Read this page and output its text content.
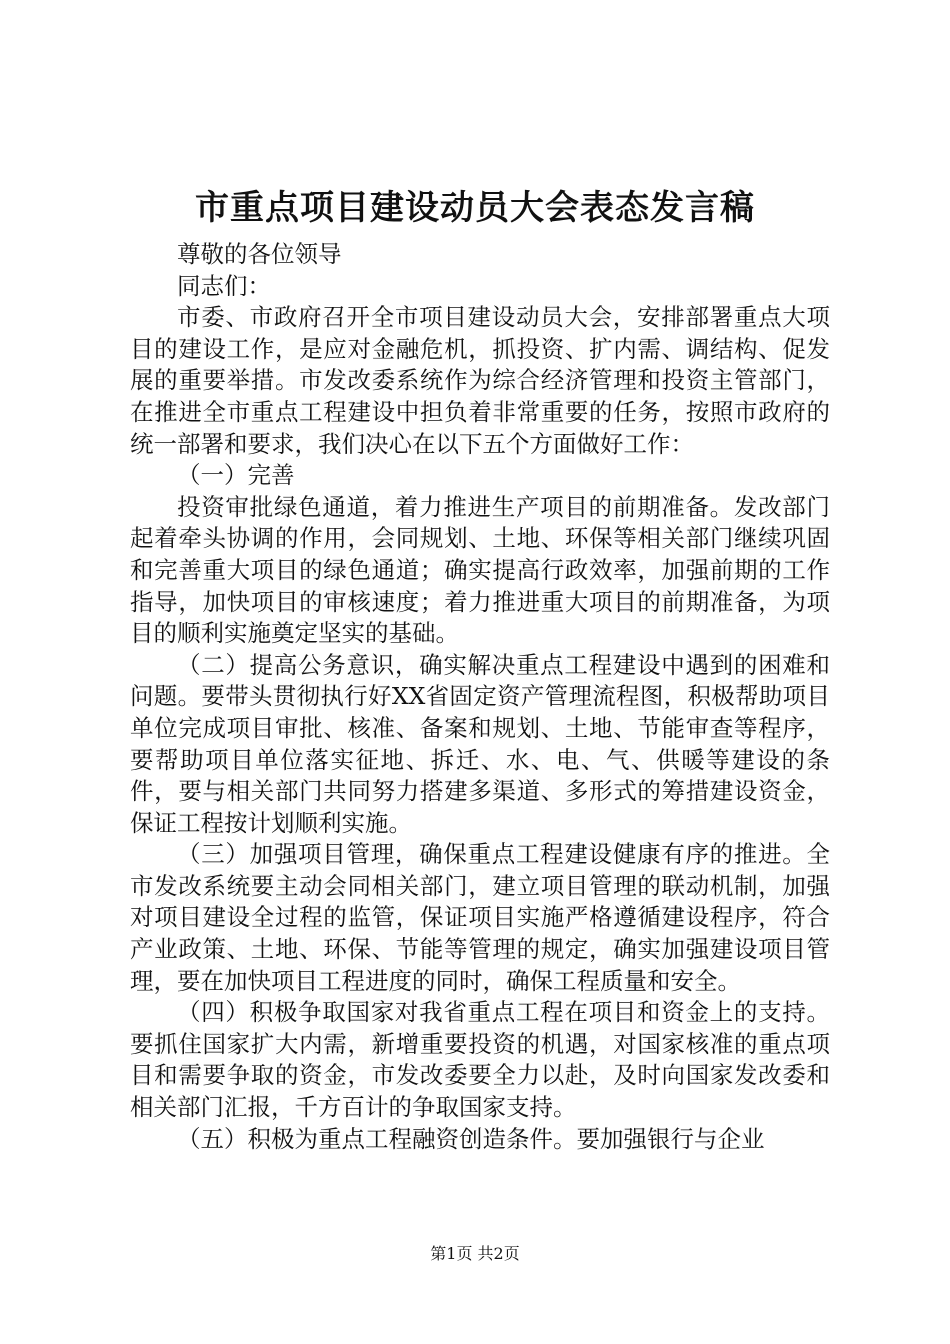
市重点项目建设动员大会表态发言稿

尊敬的各位领导

同志们：

市委、市政府召开全市项目建设动员大会，安排部署重点大项目的建设工作，是应对金融危机，抓投资、扩内需、调结构、促发展的重要举措。市发改委系统作为综合经济管理和投资主管部门，在推进全市重点工程建设中担负着非常重要的任务，按照市政府的统一部署和要求，我们决心在以下五个方面做好工作：

（一）完善

投资审批绿色通道，着力推进生产项目的前期准备。发改部门起着牵头协调的作用，会同规划、土地、环保等相关部门继续巩固和完善重大项目的绿色通道；确实提高行政效率，加强前期的工作指导，加快项目的审核速度；着力推进重大项目的前期准备，为项目的顺利实施奠定坚实的基础。

（二）提高公务意识，确实解决重点工程建设中遇到的困难和问题。要带头贯彻执行好XX省固定资产管理流程图，积极帮助项目单位完成项目审批、核准、备案和规划、土地、节能审查等程序，要帮助项目单位落实征地、拆迁、水、电、气、供暖等建设的条件，要与相关部门共同努力搭建多渠道、多形式的筹措建设资金，保证工程按计划顺利实施。

（三）加强项目管理，确保重点工程建设健康有序的推进。全市发改系统要主动会同相关部门，建立项目管理的联动机制，加强对项目建设全过程的监管，保证项目实施严格遵循建设程序，符合产业政策、土地、环保、节能等管理的规定，确实加强建设项目管理，要在加快项目工程进度的同时，确保工程质量和安全。

（四）积极争取国家对我省重点工程在项目和资金上的支持。要抓住国家扩大内需，新增重要投资的机遇，对国家核准的重点项目和需要争取的资金，市发改委要全力以赴，及时向国家发改委和相关部门汇报，千方百计的争取国家支持。

（五）积极为重点工程融资创造条件。要加强银行与企业

第1页 共2页
